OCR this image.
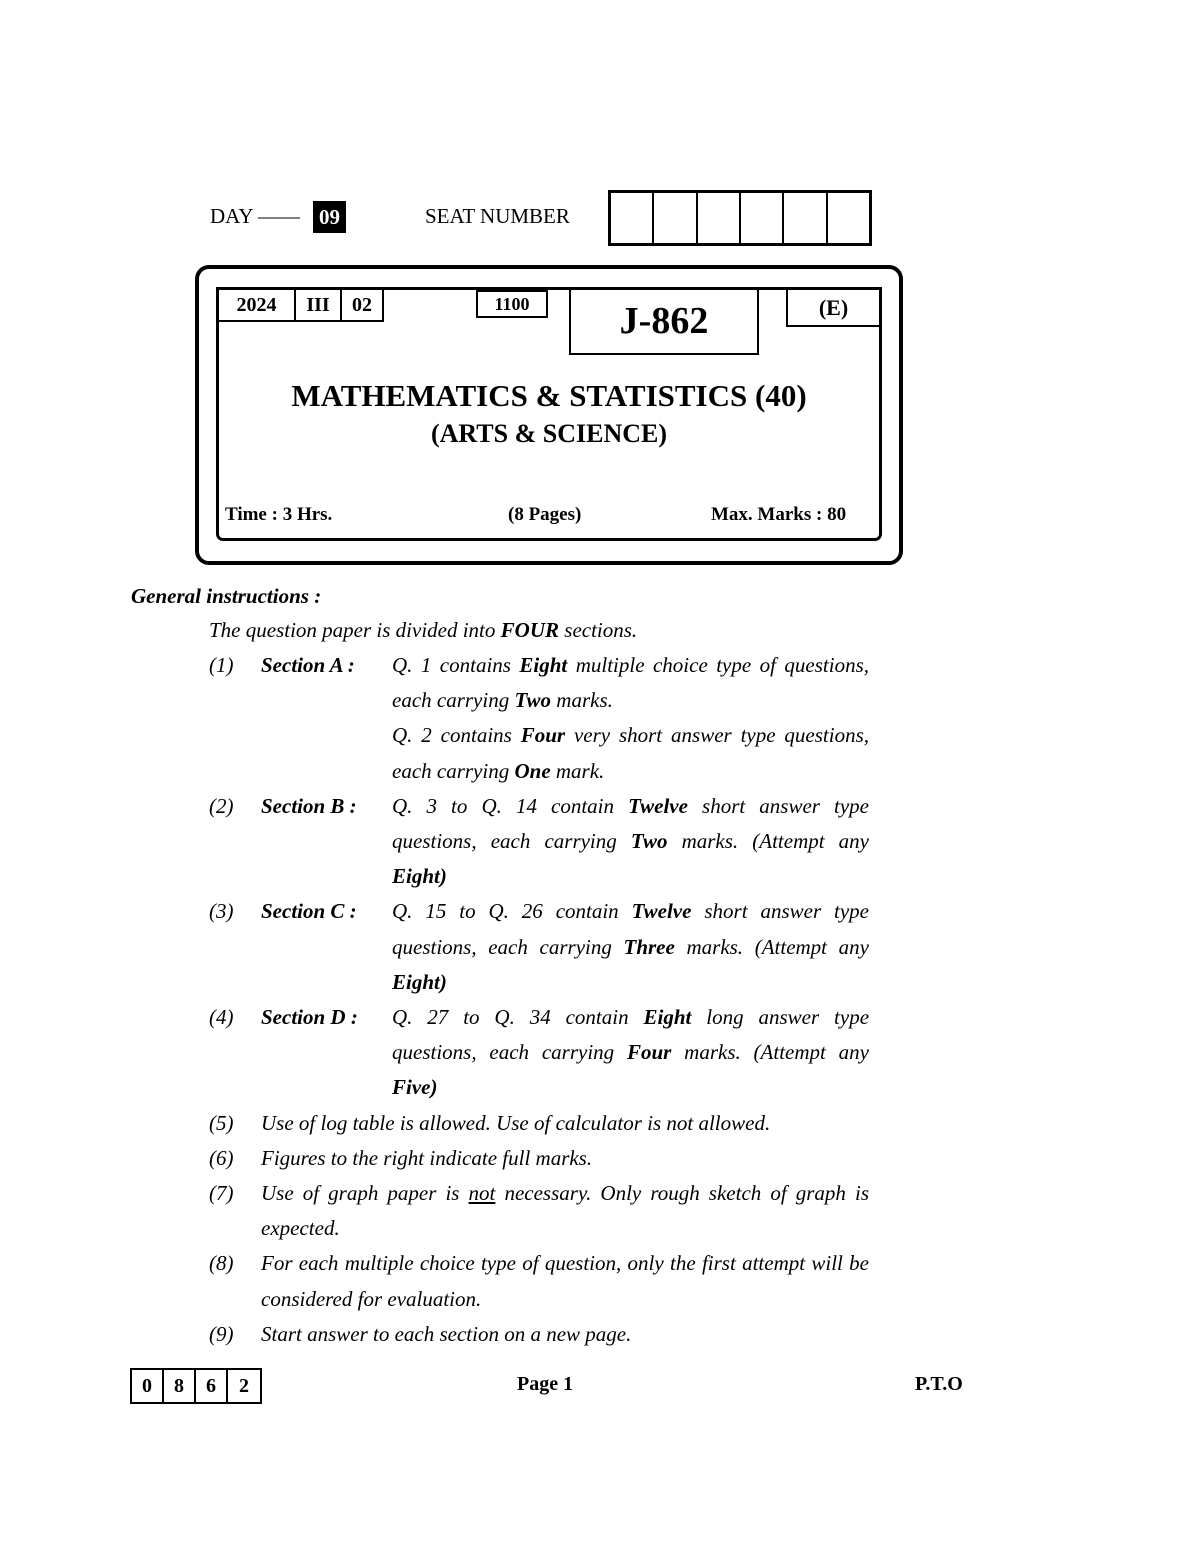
DAY —— 09	SEAT NUMBER
2024	III	02	1100	J-862	(E)
MATHEMATICS & STATISTICS (40)
(ARTS & SCIENCE)
Time : 3 Hrs.	(8 Pages)	Max. Marks : 80
General instructions :
The question paper is divided into FOUR sections.
(1)	Section A :	Q. 1 contains Eight multiple choice type of questions, each carrying Two marks.
Q. 2 contains Four very short answer type questions, each carrying One mark.
(2)	Section B :	Q. 3 to Q. 14 contain Twelve short answer type questions, each carrying Two marks. (Attempt any Eight)
(3)	Section C :	Q. 15 to Q. 26 contain Twelve short answer type questions, each carrying Three marks. (Attempt any Eight)
(4)	Section D :	Q. 27 to Q. 34 contain Eight long answer type questions, each carrying Four marks. (Attempt any Five)
(5)	Use of log table is allowed. Use of calculator is not allowed.
(6)	Figures to the right indicate full marks.
(7)	Use of graph paper is not necessary. Only rough sketch of graph is expected.
(8)	For each multiple choice type of question, only the first attempt will be considered for evaluation.
(9)	Start answer to each section on a new page.
0	8	6	2	Page 1	P.T.O
